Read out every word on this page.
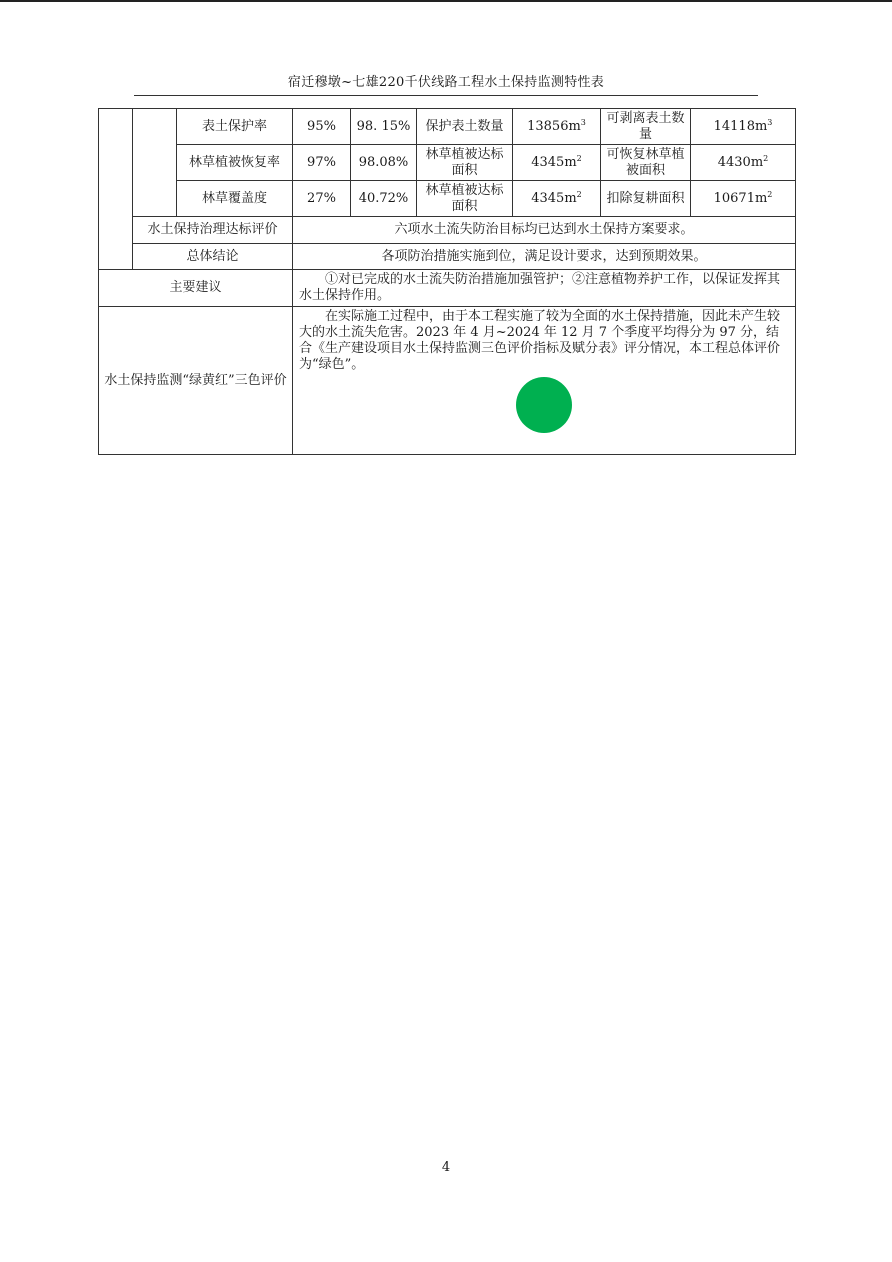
宿迁穆墩~七雄220千伏线路工程水土保持监测特性表
		表土保护率	95%	98. 15%	保护表土数量	$13856m^3$	可剥离表土数量	$14118m^3$
		林草植被恢复率	97%	98.08%	林草植被达标面积	$4345m^2$	可恢复林草植被面积	$4430m^2$
		林草覆盖度	27%	40.72%	林草植被达标面积	$4345m^2$	扣除复耕面积	$10671m^2$
	水土保持治理达标评价		六项水土流失防治目标均已达到水土保持方案要求。					
	总体结论		各项防治措施实施到位，满足设计要求，达到预期效果。					
主要建议			①对已完成的水土流失防治措施加强管护；②注意植物养护工作，以保证发挥其水土保持作用。					

水土保持监测“绿黄红”三色评价			在实际施工过程中，由于本工程实施了较为全面的水土保持措施，因此未产生较大的水土流失危害。2023 年 4 月~2024 年 12 月 7 个季度平均得分为 97 分，结合《生产建设项目水土保持监测三色评价指标及赋分表》评分情况，本工程总体评价为“绿色”。					
4
